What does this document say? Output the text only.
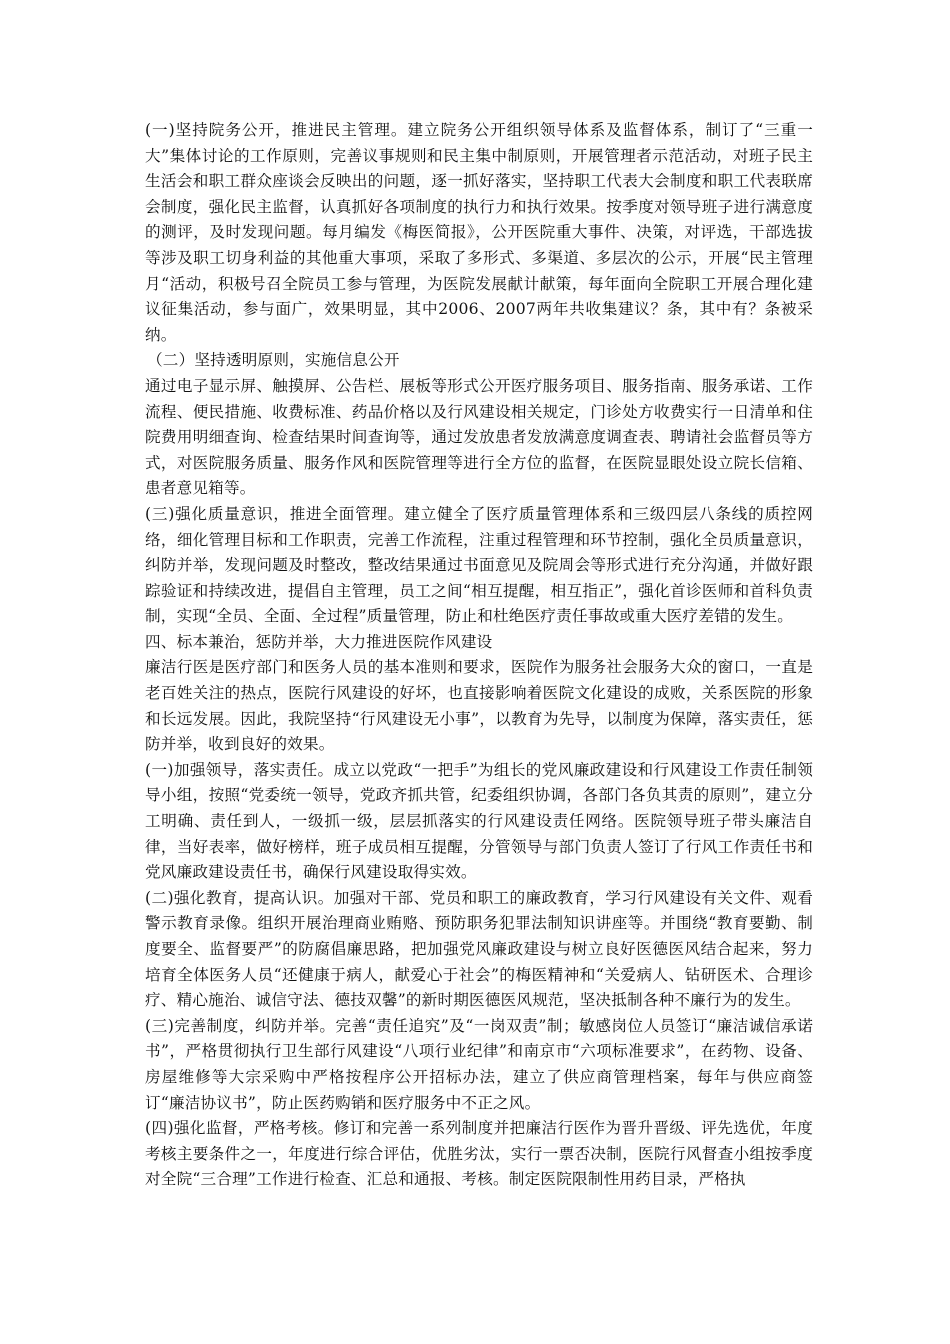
(一)坚持院务公开，推进民主管理。建立院务公开组织领导体系及监督体系，制订了“三重一大”集体讨论的工作原则，完善议事规则和民主集中制原则，开展管理者示范活动，对班子民主生活会和职工群众座谈会反映出的问题，逐一抓好落实，坚持职工代表大会制度和职工代表联席会制度，强化民主监督，认真抓好各项制度的执行力和执行效果。按季度对领导班子进行满意度的测评，及时发现问题。每月编发《梅医简报》，公开医院重大事件、决策，对评选，干部选拔等涉及职工切身利益的其他重大事项，采取了多形式、多渠道、多层次的公示，开展“民主管理月“活动，积极号召全院员工参与管理，为医院发展献计献策，每年面向全院职工开展合理化建议征集活动，参与面广，效果明显，其中2006、2007两年共收集建议？条，其中有？条被采纳。

（二）坚持透明原则，实施信息公开

通过电子显示屏、触摸屏、公告栏、展板等形式公开医疗服务项目、服务指南、服务承诺、工作流程、便民措施、收费标准、药品价格以及行风建设相关规定，门诊处方收费实行一日清单和住院费用明细查询、检查结果时间查询等，通过发放患者发放满意度调查表、聘请社会监督员等方式，对医院服务质量、服务作风和医院管理等进行全方位的监督，在医院显眼处设立院长信箱、患者意见箱等。

(三)强化质量意识，推进全面管理。建立健全了医疗质量管理体系和三级四层八条线的质控网络，细化管理目标和工作职责，完善工作流程，注重过程管理和环节控制，强化全员质量意识，纠防并举，发现问题及时整改，整改结果通过书面意见及院周会等形式进行充分沟通，并做好跟踪验证和持续改进，提倡自主管理，员工之间“相互提醒，相互指正”，强化首诊医师和首科负责制，实现“全员、全面、全过程”质量管理，防止和杜绝医疗责任事故或重大医疗差错的发生。

四、标本兼治，惩防并举，大力推进医院作风建设

廉洁行医是医疗部门和医务人员的基本准则和要求，医院作为服务社会服务大众的窗口，一直是老百姓关注的热点，医院行风建设的好坏，也直接影响着医院文化建设的成败，关系医院的形象和长远发展。因此，我院坚持“行风建设无小事”，以教育为先导，以制度为保障，落实责任，惩防并举，收到良好的效果。

(一)加强领导，落实责任。成立以党政“一把手”为组长的党风廉政建设和行风建设工作责任制领导小组，按照“党委统一领导，党政齐抓共管，纪委组织协调，各部门各负其责的原则”，建立分工明确、责任到人，一级抓一级，层层抓落实的行风建设责任网络。医院领导班子带头廉洁自律，当好表率，做好榜样，班子成员相互提醒，分管领导与部门负责人签订了行风工作责任书和党风廉政建设责任书，确保行风建设取得实效。

(二)强化教育，提高认识。加强对干部、党员和职工的廉政教育，学习行风建设有关文件、观看警示教育录像。组织开展治理商业贿赂、预防职务犯罪法制知识讲座等。并围绕“教育要勤、制度要全、监督要严”的防腐倡廉思路，把加强党风廉政建设与树立良好医德医风结合起来，努力培育全体医务人员“还健康于病人，献爱心于社会”的梅医精神和“关爱病人、钻研医术、合理诊疗、精心施治、诚信守法、德技双馨”的新时期医德医风规范，坚决抵制各种不廉行为的发生。

(三)完善制度，纠防并举。完善“责任追究”及“一岗双责”制；敏感岗位人员签订“廉洁诚信承诺书”，严格贯彻执行卫生部行风建设“八项行业纪律”和南京市“六项标准要求”，在药物、设备、房屋维修等大宗采购中严格按程序公开招标办法，建立了供应商管理档案，每年与供应商签订“廉洁协议书”，防止医药购销和医疗服务中不正之风。

(四)强化监督，严格考核。修订和完善一系列制度并把廉洁行医作为晋升晋级、评先选优，年度考核主要条件之一，年度进行综合评估，优胜劣汰，实行一票否决制，医院行风督查小组按季度对全院“三合理”工作进行检查、汇总和通报、考核。制定医院限制性用药目录，严格执
